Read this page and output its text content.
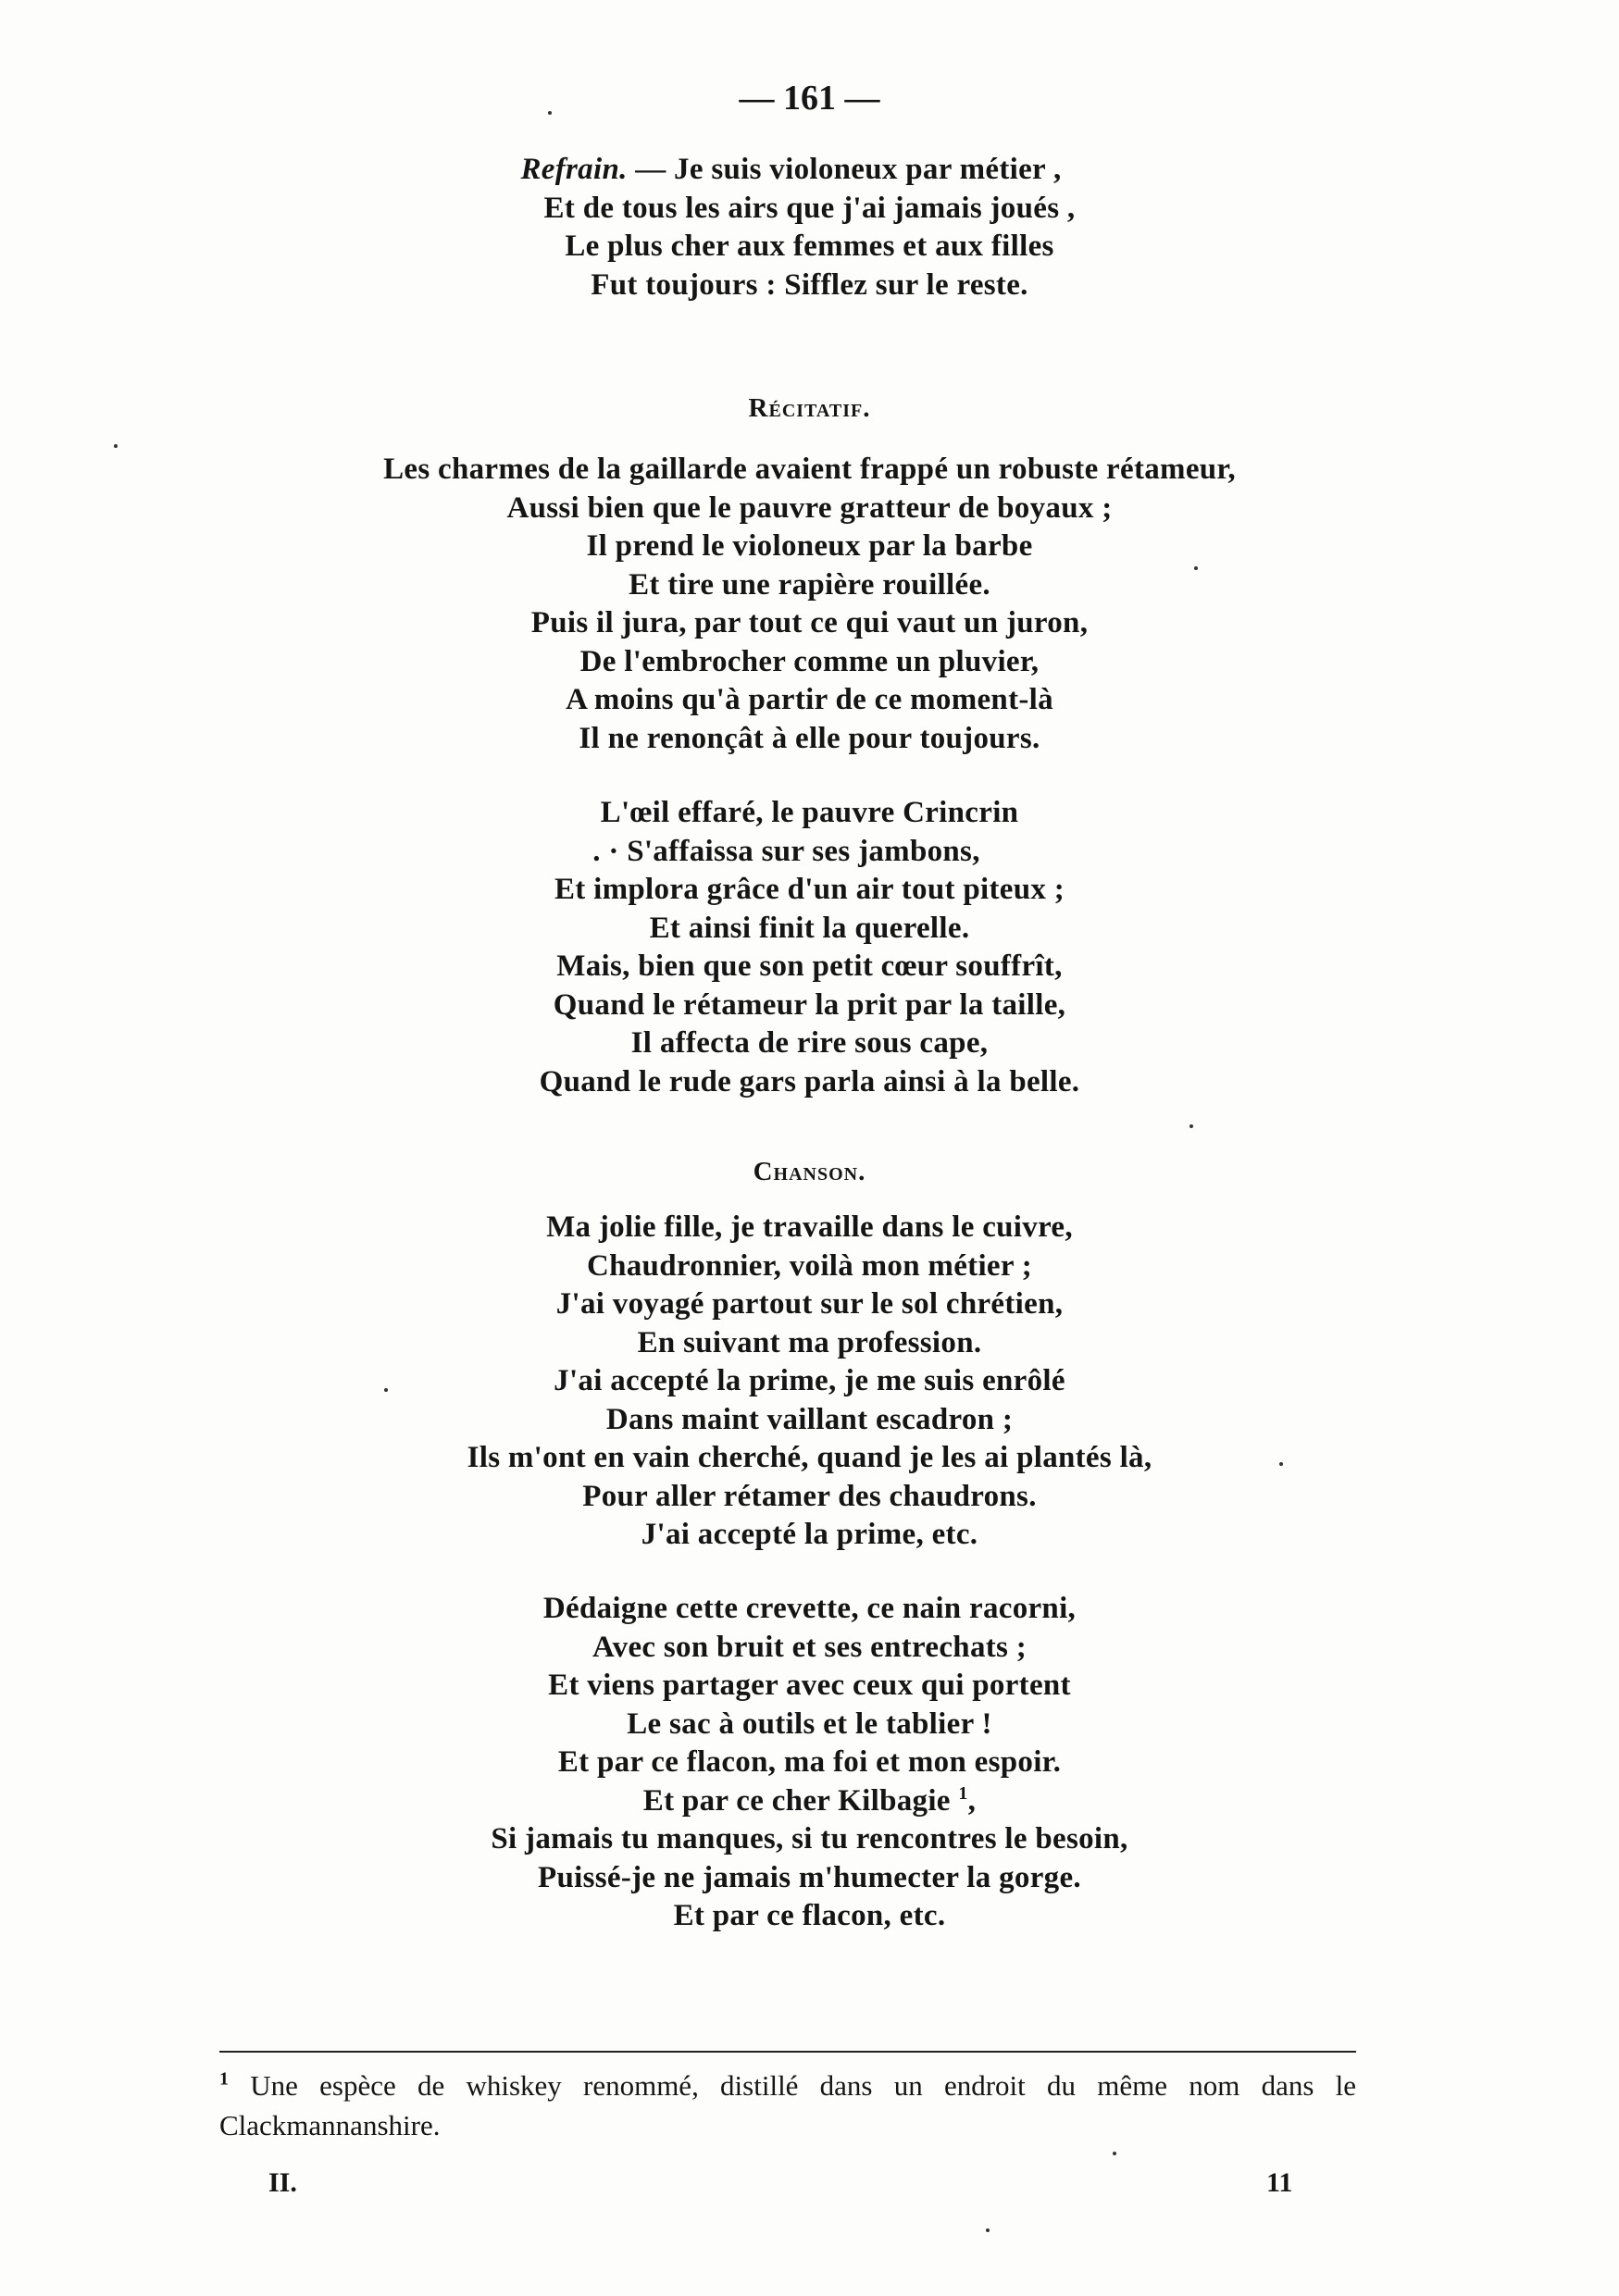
— 161 —
Refrain. — Je suis violoneux par métier ,
Et de tous les airs que j'ai jamais joués ,
Le plus cher aux femmes et aux filles
Fut toujours : Sifflez sur le reste.
Récitatif.
Les charmes de la gaillarde avaient frappé un robuste rétameur,
Aussi bien que le pauvre gratteur de boyaux ;
Il prend le violoneux par la barbe
Et tire une rapière rouillée.
Puis il jura, par tout ce qui vaut un juron,
De l'embrocher comme un pluvier,
A moins qu'à partir de ce moment-là
Il ne renonçât à elle pour toujours.
L'œil effaré, le pauvre Crincrin
. · S'affaissa sur ses jambons,
Et implora grâce d'un air tout piteux ;
Et ainsi finit la querelle.
Mais, bien que son petit cœur souffrît,
Quand le rétameur la prit par la taille,
Il affecta de rire sous cape,
Quand le rude gars parla ainsi à la belle.
Chanson.
Ma jolie fille, je travaille dans le cuivre,
Chaudronnier, voilà mon métier ;
J'ai voyagé partout sur le sol chrétien,
En suivant ma profession.
J'ai accepté la prime, je me suis enrôlé
Dans maint vaillant escadron ;
Ils m'ont en vain cherché, quand je les ai plantés là,
Pour aller rétamer des chaudrons.
J'ai accepté la prime, etc.
Dédaigne cette crevette, ce nain racorni,
Avec son bruit et ses entrechats ;
Et viens partager avec ceux qui portent
Le sac à outils et le tablier !
Et par ce flacon, ma foi et mon espoir.
Et par ce cher Kilbagie $^1$,
Si jamais tu manques, si tu rencontres le besoin,
Puissé-je ne jamais m'humecter la gorge.
Et par ce flacon, etc.
$^1$ Une espèce de whiskey renommé, distillé dans un endroit du même nom dans le Clackmannanshire.
II.	11
